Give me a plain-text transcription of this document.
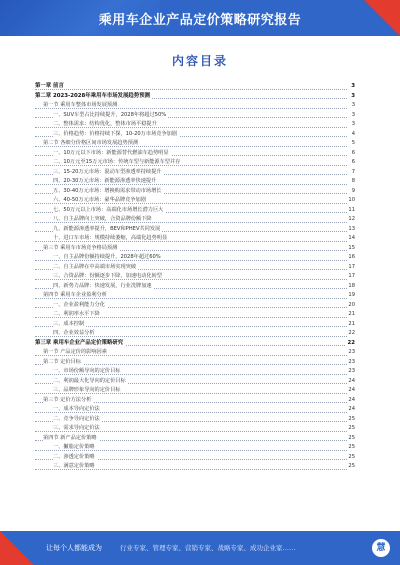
乘用车企业产品定价策略研究报告
内容目录
第一章 前言	3
第二章 2023-2028年乘用车市场发展趋势预测	3
第一节 乘用车整体市场发展预测	3
一、SUV车型占比持续提升，2028年将超过50%	3
二、整体需求：结构优化，整体市场平稳提升	3
三、价格趋势：价格持续下探，10-20万市场竞争加剧	4
第二节 各细分价格区间市场发展趋势预测	5
一、10万元以下市场：新能源替代燃油车趋势明显	6
二、10万元至15万元市场：传统车型与新能源车型并存	6
三、15-20万元市场：混动车型渗透率持续提升	7
四、20-30万元市场：新能源渗透率快速提升	8
五、30-40万元市场：增换购需求带动市场增长	9
六、40-50万元市场：豪华品牌竞争加剧	10
七、50万元以上市场：高端化市场增长潜力巨大	11
八、自主品牌向上突破，合资品牌份额下降	12
九、新能源渗透率提升，BEV和PHEV共同发展	13
十、进口车市场：规模持续萎缩，高端化趋势明显	14
第三节 乘用车市场竞争格局预测	15
一、自主品牌份额持续提升，2028年超过60%	16
二、自主品牌在中高端市场实现突破	17
三、合资品牌：份额逐步下降，加速电动化转型	17
四、新势力品牌：快速发展，行业洗牌加速	18
第四节 乘用车企业盈利分析	19
一、企业盈利能力分化	20
二、利润率水平下降	21
三、成本控制	21
四、企业效益分析	22
第三章 乘用车企业产品定价策略研究	22
第一节 产品定价的影响因素	23
第二节 定价目标	23
一、市场份额导向的定价目标	23
二、利润最大化导向的定价目标	24
三、品牌形象导向的定价目标	24
第三节 定价方法分析	24
一、成本导向定价法	24
二、竞争导向定价法	25
三、需求导向定价法	25
第四节 新产品定价策略	25
一、撇脂定价策略	25
二、渗透定价策略	25
三、满意定价策略	25
让每个人都能成为	行业专家、管理专家、营销专家、战略专家、成功企业家……	慧
